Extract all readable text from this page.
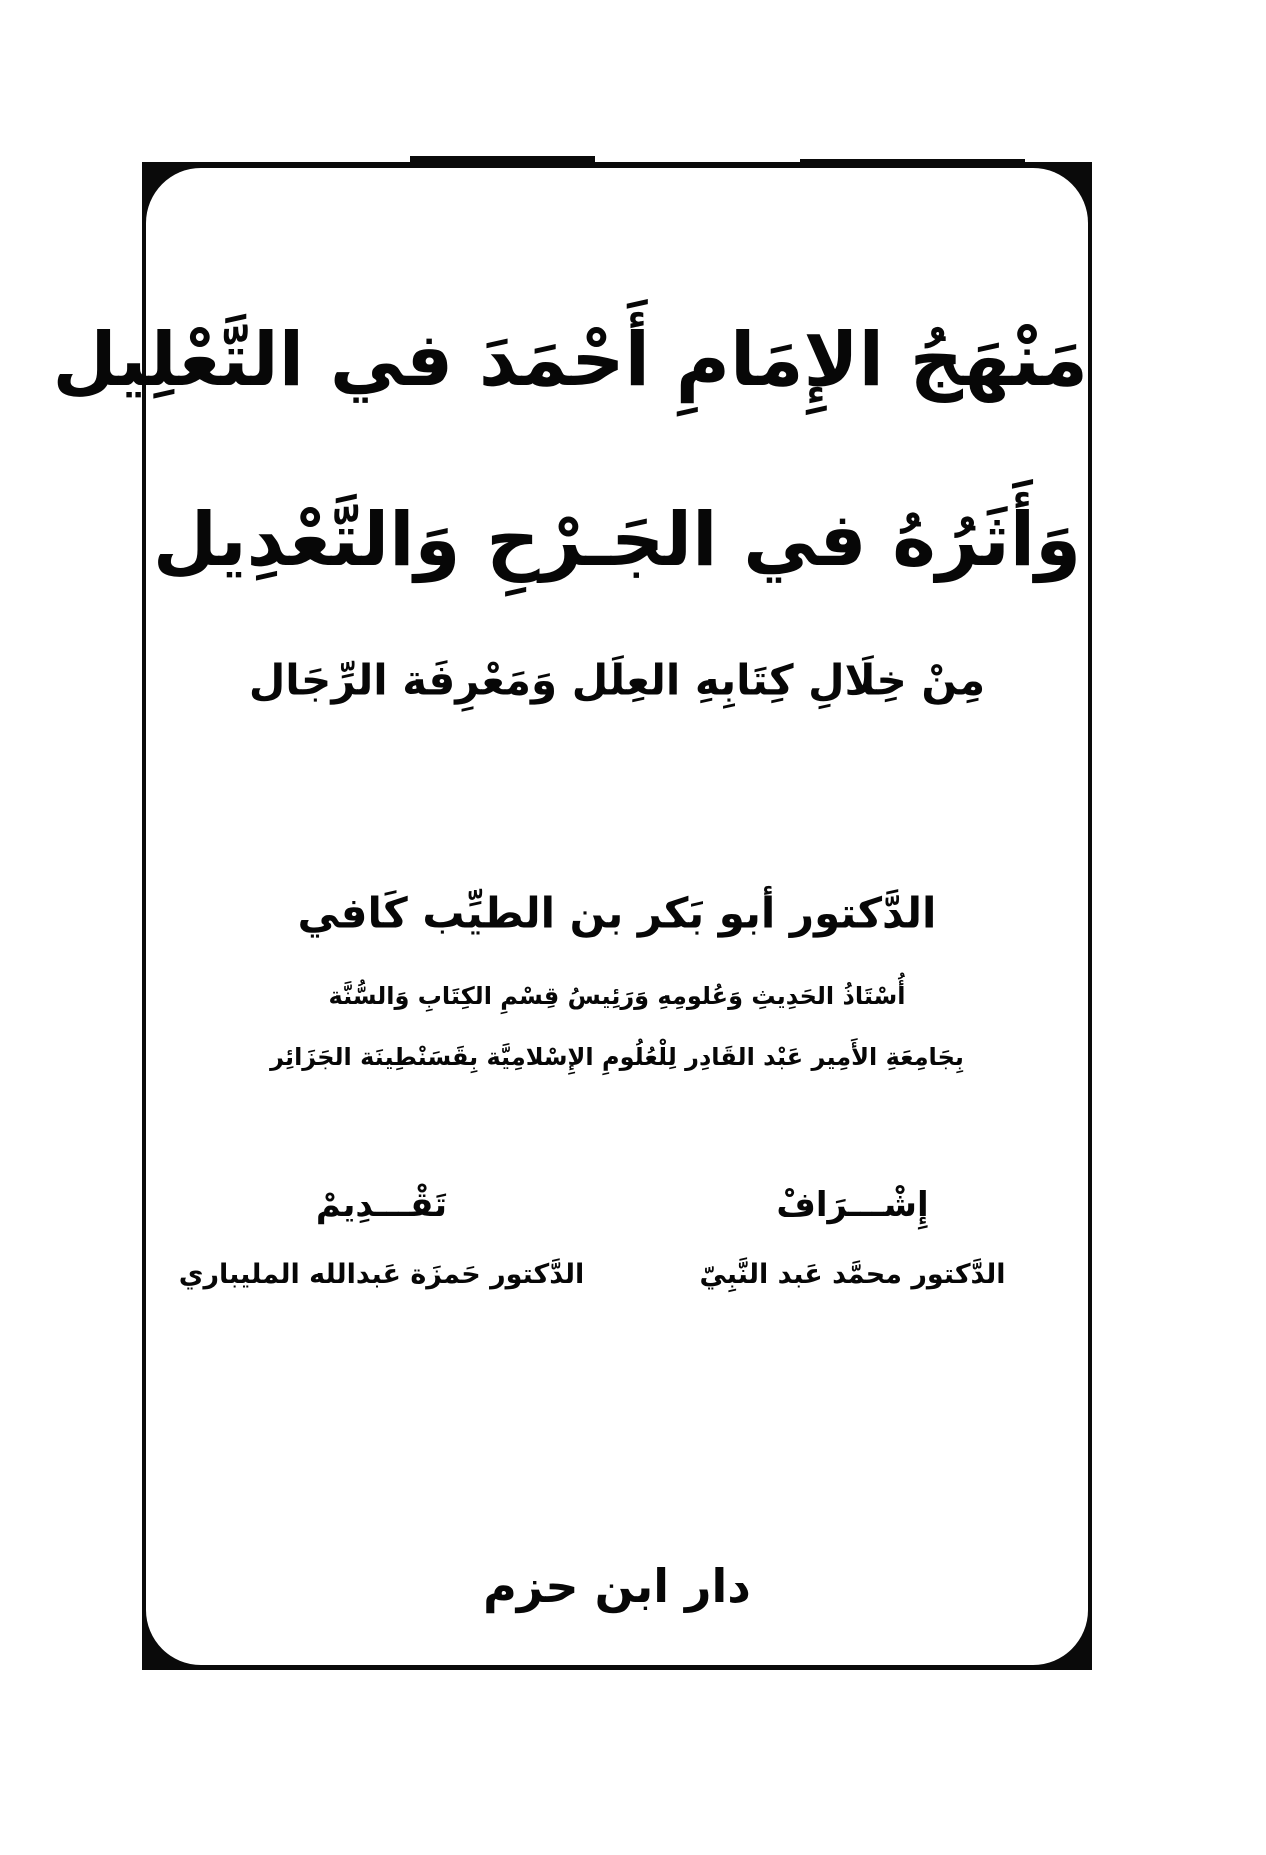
مَنْهَجُ الإِمَامِ أَحْمَدَ في التَّعْلِيل
وَأَثَرُهُ في الجَـرْحِ وَالتَّعْدِيل
مِنْ خِلَالِ كِتَابِهِ العِلَل وَمَعْرِفَة الرِّجَال
الدَّكتور أبو بَكر بن الطيِّب كَافي
أُسْتَاذُ الحَدِيثِ وَعُلومِهِ وَرَئِيسُ قِسْمِ الكِتَابِ وَالسُّنَّة
بِجَامِعَةِ الأَمِير عَبْد القَادِر لِلْعُلُومِ الإِسْلامِيَّة بِقَسَنْطِينَة الجَزَائِر
إِشْـــرَافْ
الدَّكتور محمَّد عَبد النَّبِيّ
تَقْـــدِيمْ
الدَّكتور حَمزَة عَبدالله المليباري
دار ابن حزم
